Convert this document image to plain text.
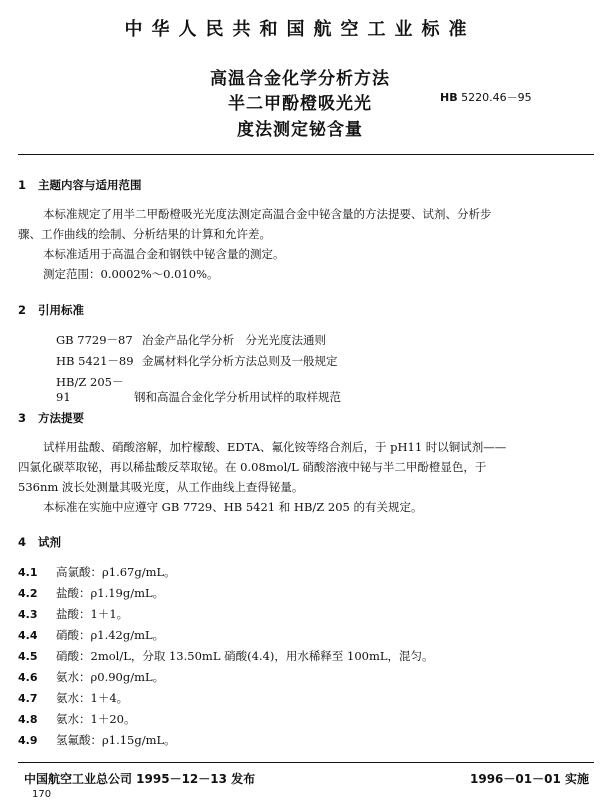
中华人民共和国航空工业标准
高温合金化学分析方法
半二甲酚橙吸光光
度法测定铋含量
HB 5220.46－95
1 主题内容与适用范围
本标准规定了用半二甲酚橙吸光光度法测定高温合金中铋含量的方法提要、试剂、分析步
骤、工作曲线的绘制、分析结果的计算和允许差。
本标准适用于高温合金和钢铁中铋含量的测定。
测定范围：0.0002%～0.010%。
2 引用标准
GB 7729－87 冶金产品化学分析　分光光度法通则
HB 5421－89 金属材料化学分析方法总则及一般规定
HB/Z 205－91	钢和高温合金化学分析用试样的取样规范
3 方法提要
试样用盐酸、硝酸溶解，加柠檬酸、EDTA、氟化铵等络合剂后，于 pH11 时以铜试剂——
四氯化碳萃取铋，再以稀盐酸反萃取铋。在 0.08mol/L 硝酸溶液中铋与半二甲酚橙显色，于
536nm 波长处测量其吸光度，从工作曲线上查得铋量。
本标准在实施中应遵守 GB 7729、HB 5421 和 HB/Z 205 的有关规定。
4 试剂
4.1 高氯酸：ρ1.67g/mL。
4.2 盐酸：ρ1.19g/mL。
4.3 盐酸：1＋1。
4.4 硝酸：ρ1.42g/mL。
4.5 硝酸：2mol/L，分取 13.50mL 硝酸(4.4)，用水稀释至 100mL，混匀。
4.6 氨水：ρ0.90g/mL。
4.7 氨水：1＋4。
4.8 氨水：1＋20。
4.9 氢氟酸：ρ1.15g/mL。
中国航空工业总公司 1995－12－13 发布	1996－01－01 实施
170
